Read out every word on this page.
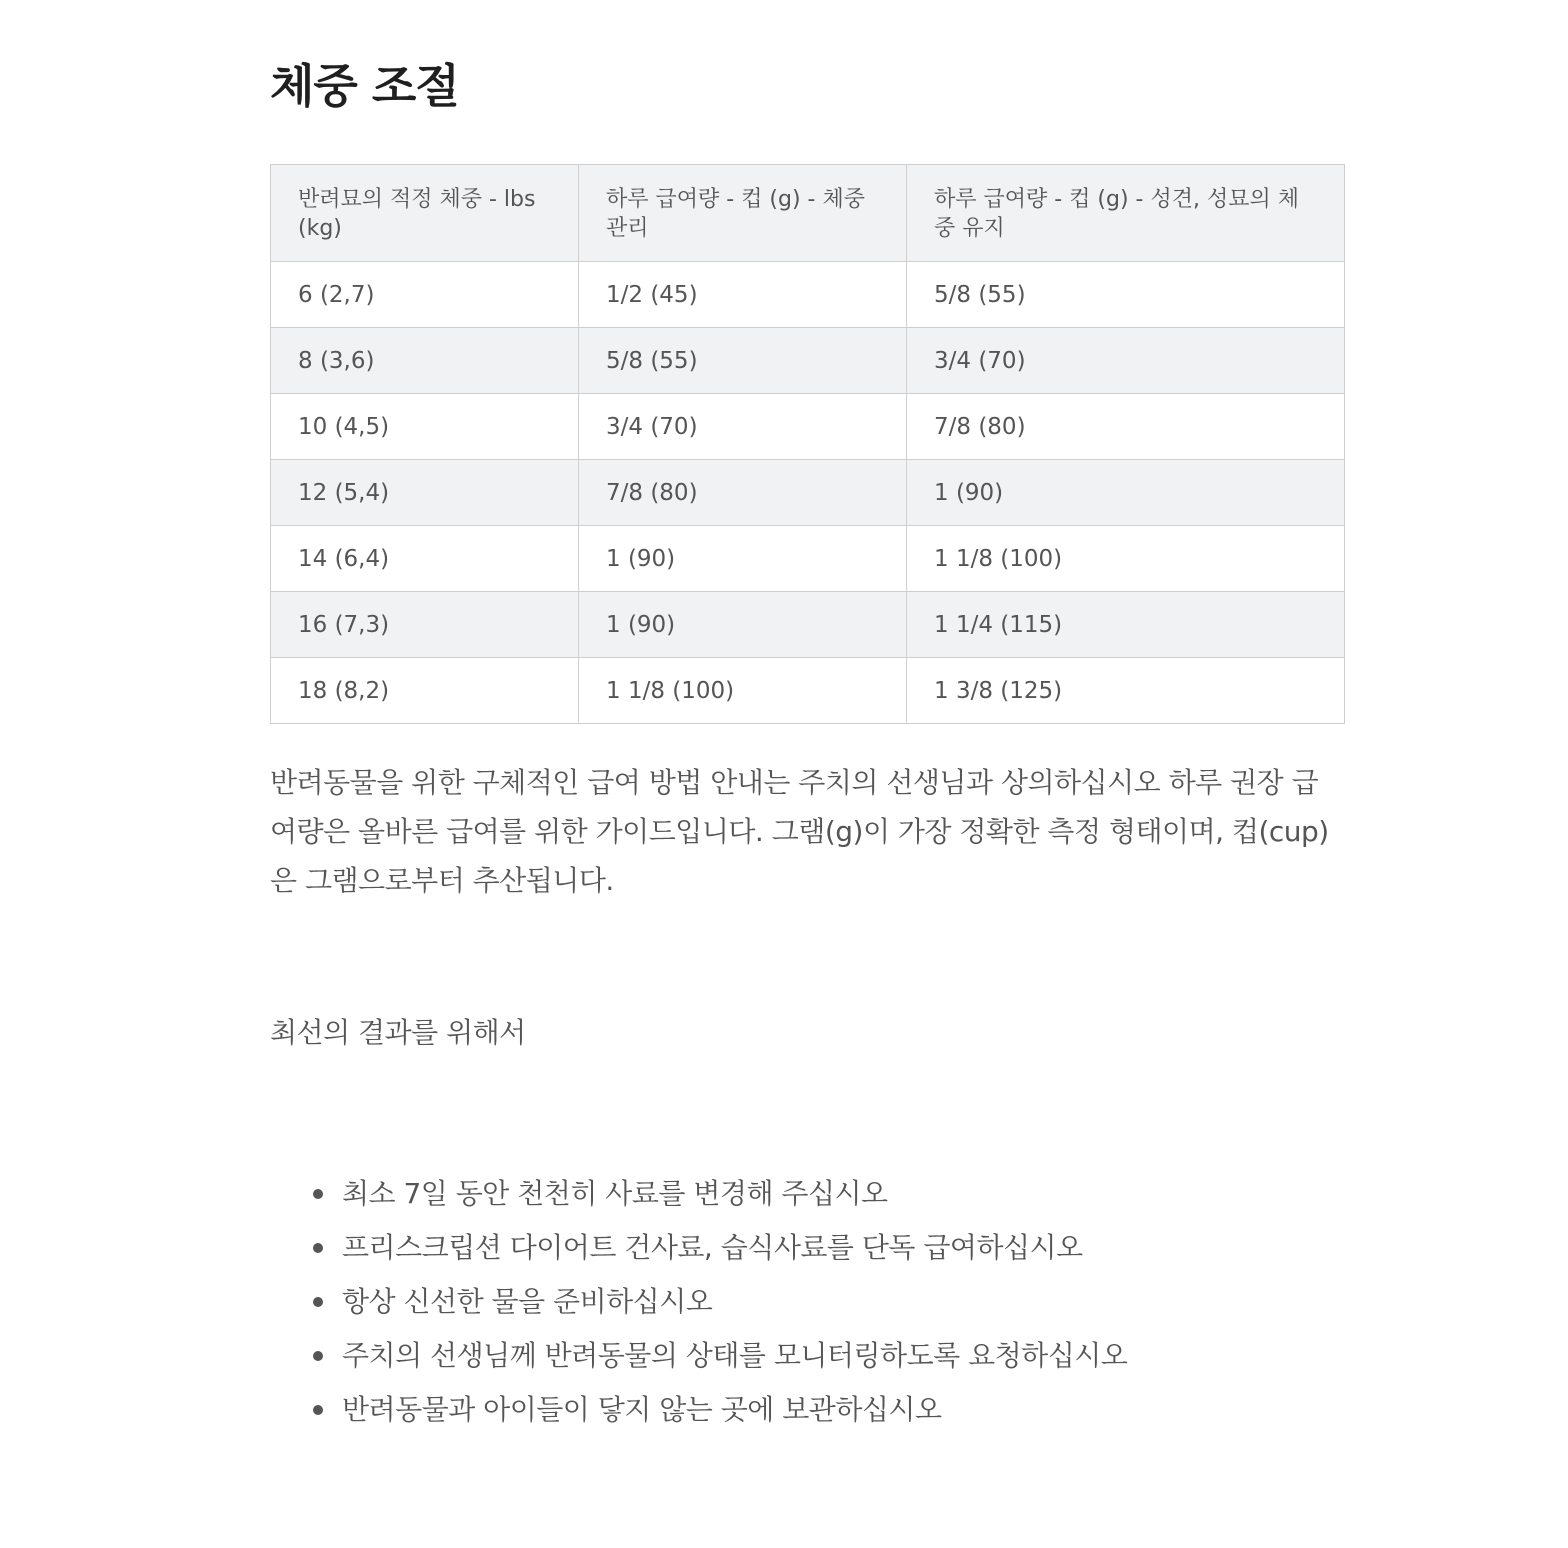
체중 조절
반려묘의 적정 체중 - lbs (kg)	하루 급여량 - 컵 (g) - 체중 관리	하루 급여량 - 컵 (g) - 성견, 성묘의 체중 유지
6 (2,7)	1/2 (45)	5/8 (55)
8 (3,6)	5/8 (55)	3/4 (70)
10 (4,5)	3/4 (70)	7/8 (80)
12 (5,4)	7/8 (80)	1 (90)
14 (6,4)	1 (90)	1 1/8 (100)
16 (7,3)	1 (90)	1 1/4 (115)
18 (8,2)	1 1/8 (100)	1 3/8 (125)

반려동물을 위한 구체적인 급여 방법 안내는 주치의 선생님과 상의하십시오 하루 권장 급여량은 올바른 급여를 위한 가이드입니다. 그램(g)이 가장 정확한 측정 형태이며, 컵(cup)은 그램으로부터 추산됩니다.

최선의 결과를 위해서

최소 7일 동안 천천히 사료를 변경해 주십시오
프리스크립션 다이어트 건사료, 습식사료를 단독 급여하십시오
항상 신선한 물을 준비하십시오
주치의 선생님께 반려동물의 상태를 모니터링하도록 요청하십시오
반려동물과 아이들이 닿지 않는 곳에 보관하십시오
